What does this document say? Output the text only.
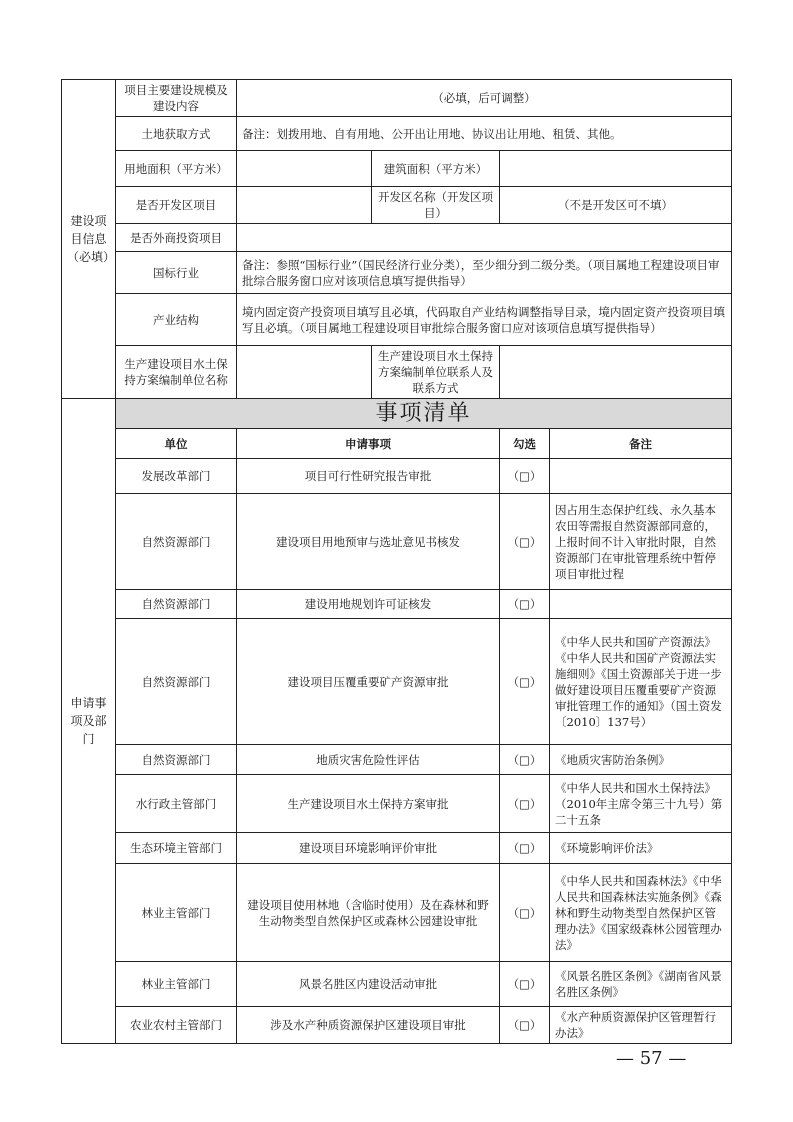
建设项目信息（必填）	项目主要建设规模及建设内容	（必填，后可调整）			
	土地获取方式	备注：划拨用地、自有用地、公开出让用地、协议出让用地、租赁、其他。			
	用地面积（平方米）		建筑面积（平方米）		
	是否开发区项目		开发区名称（开发区项目）	（不是开发区可不填）	
	是否外商投资项目				
	国标行业	备注：参照“国标行业”（国民经济行业分类），至少细分到二级分类。（项目属地工程建设项目审批综合服务窗口应对该项信息填写提供指导）			
	产业结构	境内固定资产投资项目填写且必填，代码取自产业结构调整指导目录，境内固定资产投资项目填写且必填。（项目属地工程建设项目审批综合服务窗口应对该项信息填写提供指导）			
	生产建设项目水土保持方案编制单位名称		生产建设项目水土保持方案编制单位联系人及联系方式		

申请事项及部门	事项清单				
	单位	申请事项		勾选	备注
	发展改革部门	项目可行性研究报告审批		（□）	
	自然资源部门	建设项目用地预审与选址意见书核发		（□）	因占用生态保护红线、永久基本农田等需报自然资源部同意的，上报时间不计入审批时限，自然资源部门在审批管理系统中暂停项目审批过程
	自然资源部门	建设用地规划许可证核发		（□）	
	自然资源部门	建设项目压覆重要矿产资源审批		（□）	《中华人民共和国矿产资源法》《中华人民共和国矿产资源法实施细则》《国土资源部关于进一步做好建设项目压覆重要矿产资源审批管理工作的通知》（国土资发〔2010〕137号）
	自然资源部门	地质灾害危险性评估		（□）	《地质灾害防治条例》
	水行政主管部门	生产建设项目水土保持方案审批		（□）	《中华人民共和国水土保持法》（2010年主席令第三十九号）第二十五条
	生态环境主管部门	建设项目环境影响评价审批		（□）	《环境影响评价法》
	林业主管部门	建设项目使用林地（含临时使用）及在森林和野生动物类型自然保护区或森林公园建设审批		（□）	《中华人民共和国森林法》《中华人民共和国森林法实施条例》《森林和野生动物类型自然保护区管理办法》《国家级森林公园管理办法》
	林业主管部门	风景名胜区内建设活动审批		（□）	《风景名胜区条例》《湖南省风景名胜区条例》
	农业农村主管部门	涉及水产种质资源保护区建设项目审批		（□）	《水产种质资源保护区管理暂行办法》
— 57 —
